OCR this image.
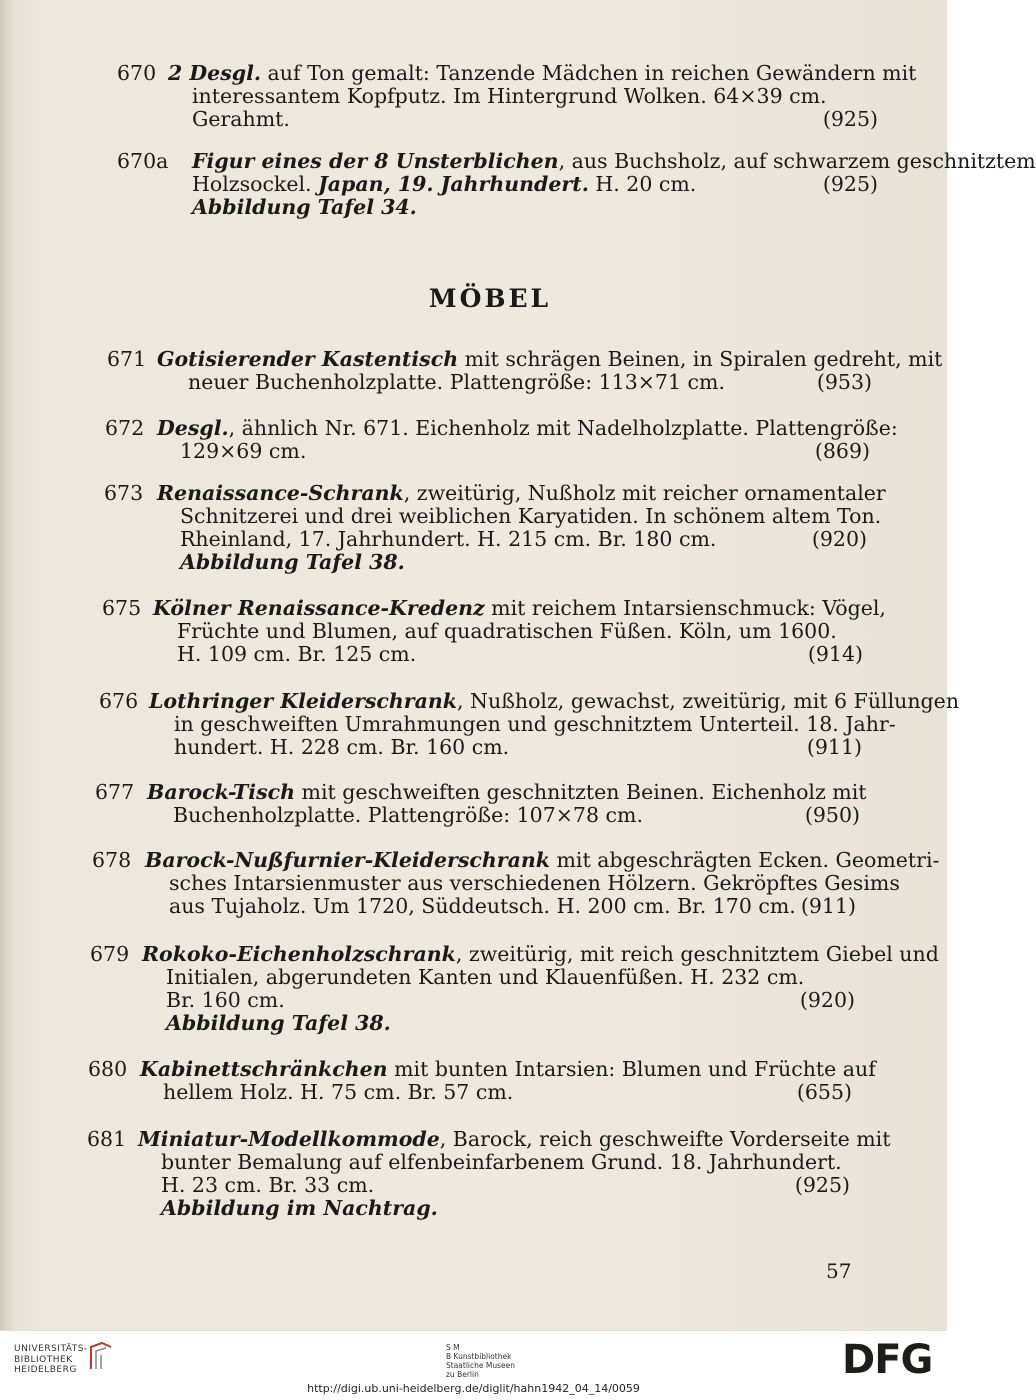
670 2 Desgl. auf Ton gemalt: Tanzende Mädchen in reichen Gewändern mit
interessantem Kopfputz. Im Hintergrund Wolken. 64×39 cm.
Gerahmt.	(925)
670a Figur eines der 8 Unsterblichen, aus Buchsholz, auf schwarzem geschnitztem
Holzsockel. Japan, 19. Jahrhundert. H. 20 cm.	(925)
Abbildung Tafel 34.
671 Gotisierender Kastentisch mit schrägen Beinen, in Spiralen gedreht, mit
neuer Buchenholzplatte. Plattengröße: 113×71 cm.	(953)
672 Desgl., ähnlich Nr. 671. Eichenholz mit Nadelholzplatte. Plattengröße:
129×69 cm.	(869)
673 Renaissance-Schrank, zweitürig, Nußholz mit reicher ornamentaler
Schnitzerei und drei weiblichen Karyatiden. In schönem altem Ton.
Rheinland, 17. Jahrhundert. H. 215 cm. Br. 180 cm.	(920)
Abbildung Tafel 38.
675 Kölner Renaissance-Kredenz mit reichem Intarsienschmuck: Vögel,
Früchte und Blumen, auf quadratischen Füßen. Köln, um 1600.
H. 109 cm. Br. 125 cm.	(914)
676 Lothringer Kleiderschrank, Nußholz, gewachst, zweitürig, mit 6 Füllungen
in geschweiften Umrahmungen und geschnitztem Unterteil. 18. Jahr-
hundert. H. 228 cm. Br. 160 cm.	(911)
677 Barock-Tisch mit geschweiften geschnitzten Beinen. Eichenholz mit
Buchenholzplatte. Plattengröße: 107×78 cm.	(950)
678 Barock-Nußfurnier-Kleiderschrank mit abgeschrägten Ecken. Geometri-
sches Intarsienmuster aus verschiedenen Hölzern. Gekröpftes Gesims
aus Tujaholz. Um 1720, Süddeutsch. H. 200 cm. Br. 170 cm. (911)
679 Rokoko-Eichenholzschrank, zweitürig, mit reich geschnitztem Giebel und
Initialen, abgerundeten Kanten und Klauenfüßen. H. 232 cm.
Br. 160 cm.	(920)
Abbildung Tafel 38.
680 Kabinettschränkchen mit bunten Intarsien: Blumen und Früchte auf
hellem Holz. H. 75 cm. Br. 57 cm.	(655)
681 Miniatur-Modellkommode, Barock, reich geschweifte Vorderseite mit
bunter Bemalung auf elfenbeinfarbenem Grund. 18. Jahrhundert.
H. 23 cm. Br. 33 cm.	(925)
Abbildung im Nachtrag.
MÖBEL
57
UNIVERSITÄTS-
BIBLIOTHEK
HEIDELBERG
S M
B Kunstbibliothek
Staatliche Museen
zu Berlin	DFG
http://digi.ub.uni-heidelberg.de/diglit/hahn1942_04_14/0059
